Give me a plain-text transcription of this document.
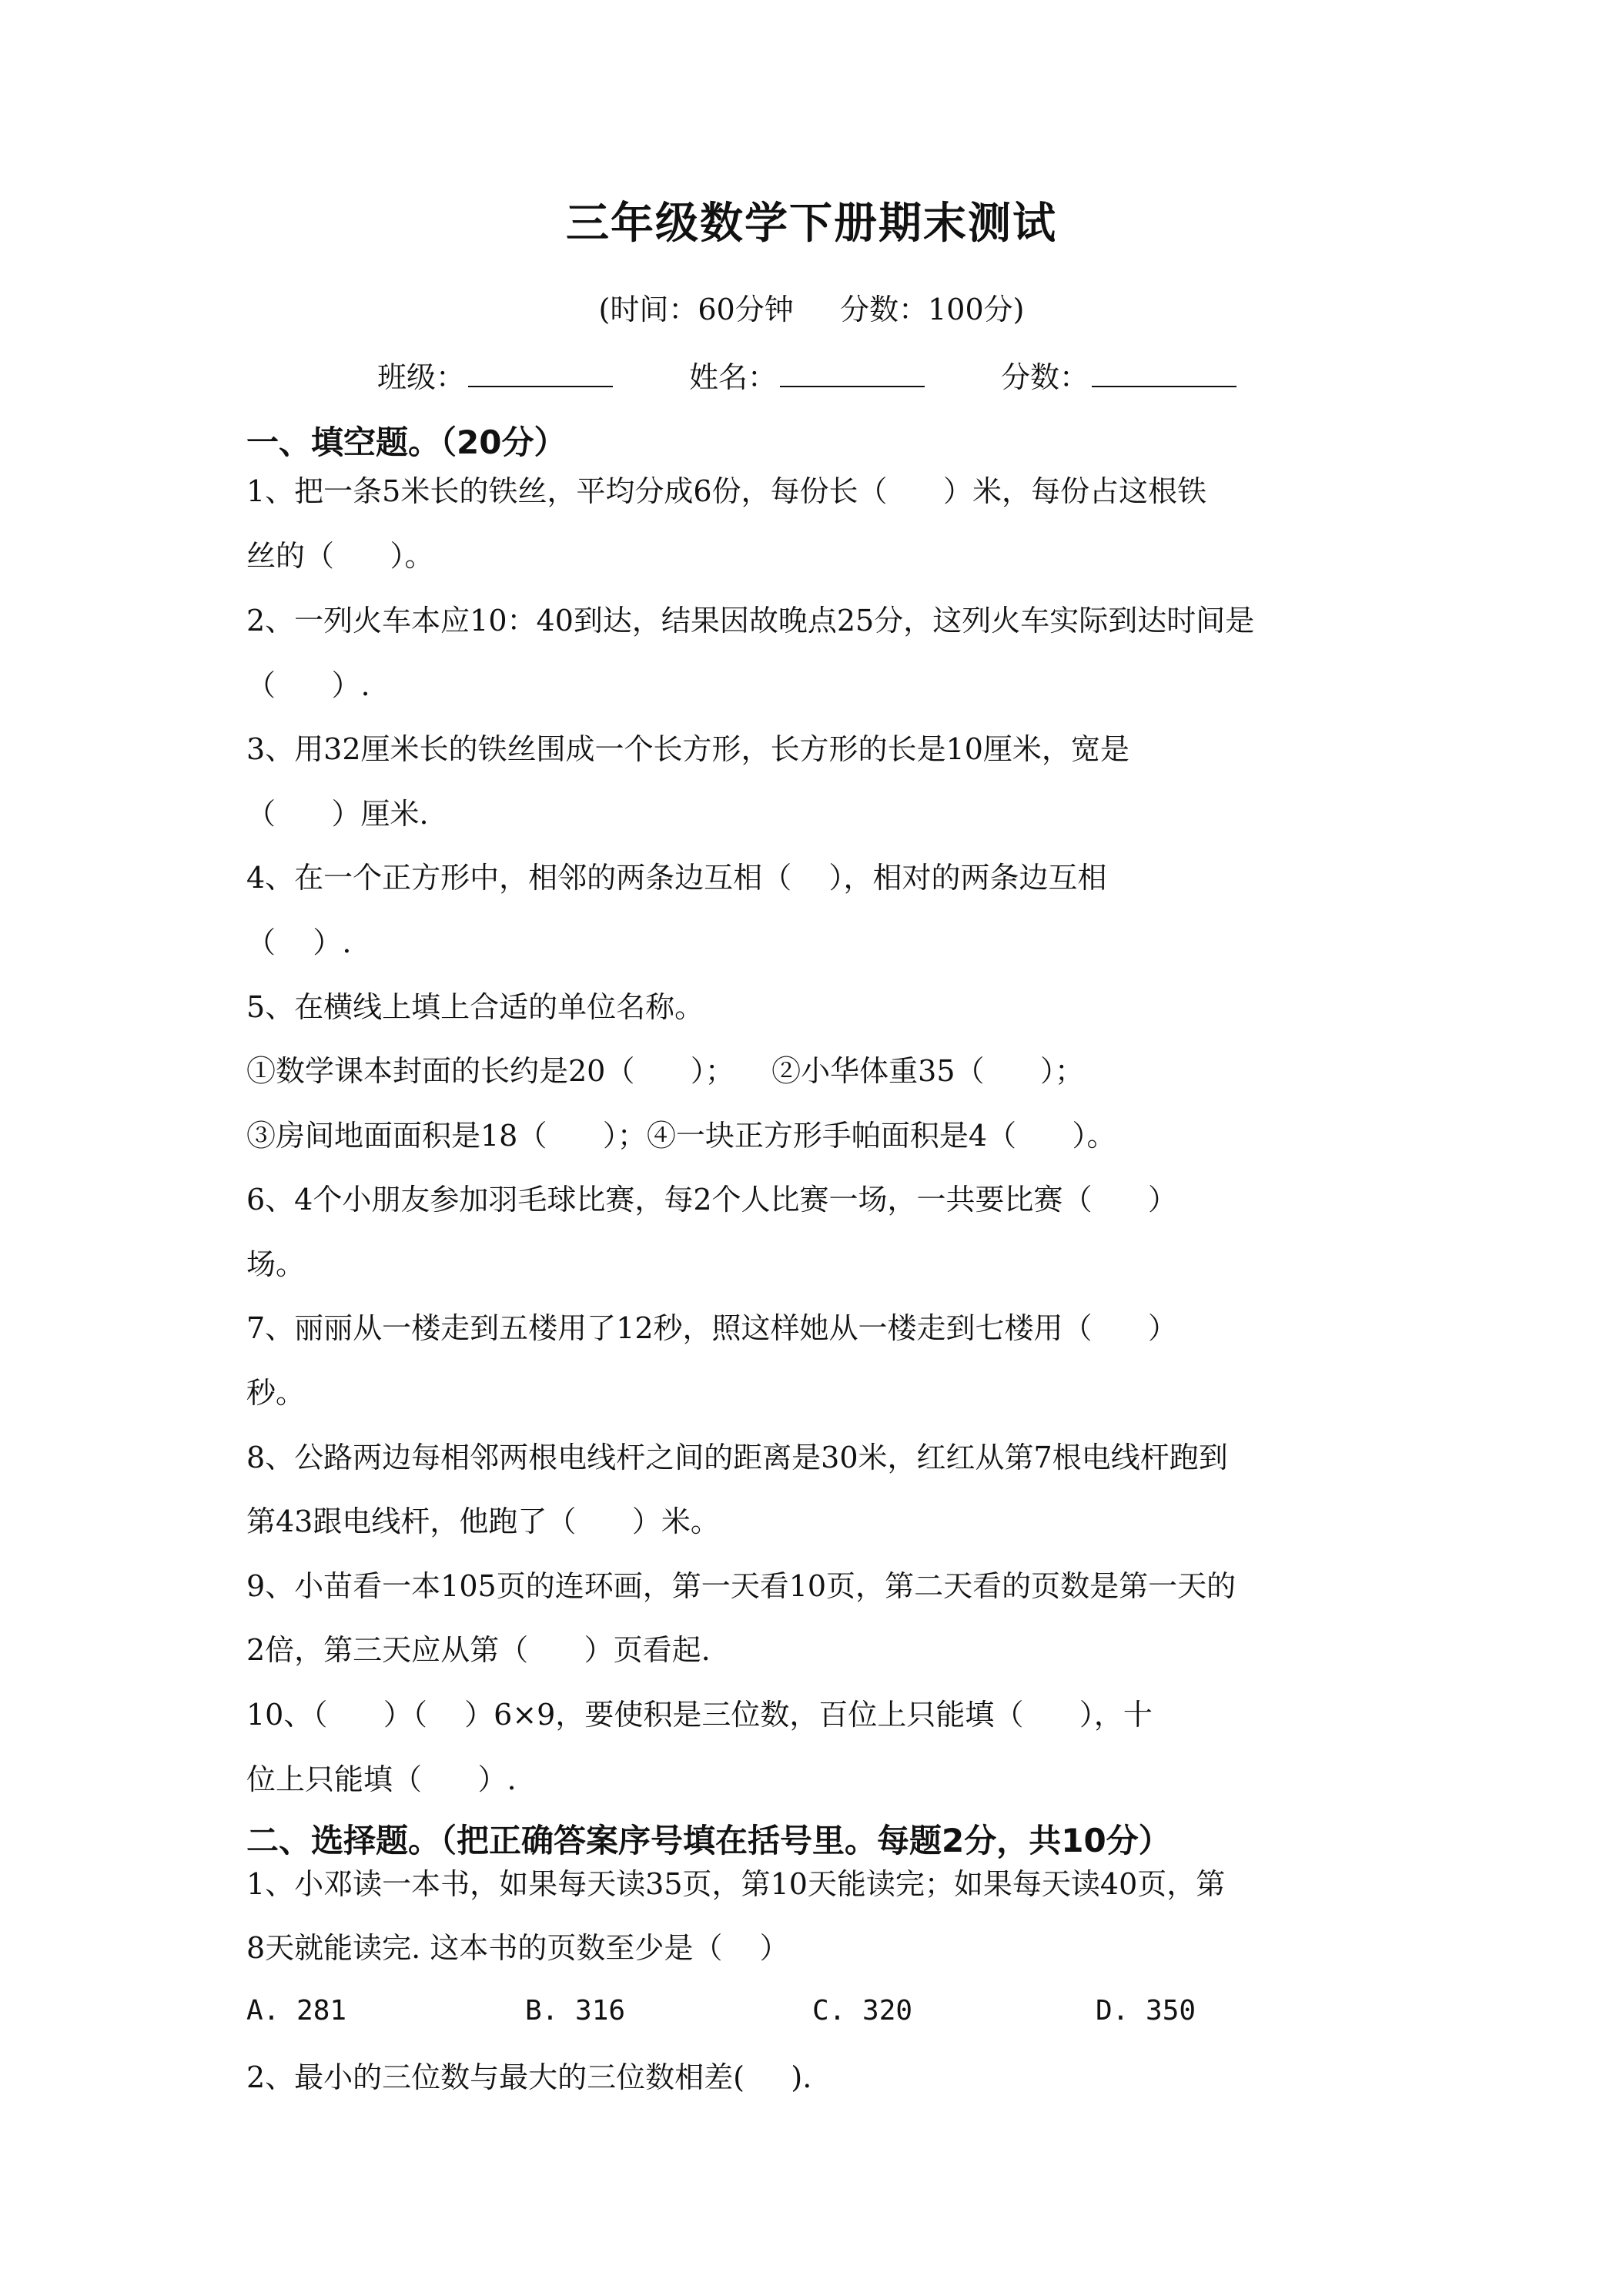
三年级数学下册期末测试
(时间：60分钟     分数：100分)
班级：	姓名：	分数：
一、填空题。（20分）
1、把一条5米长的铁丝，平均分成6份，每份长（      ）米，每份占这根铁
丝的（      ）。
2、一列火车本应10：40到达，结果因故晚点25分，这列火车实际到达时间是
（      ）.
3、用32厘米长的铁丝围成一个长方形，长方形的长是10厘米，宽是
（      ）厘米.
4、在一个正方形中，相邻的两条边互相（    ），相对的两条边互相
（    ）.
5、在横线上填上合适的单位名称。
①数学课本封面的长约是20（      ）；    ②小华体重35（      ）；
③房间地面面积是18（      ）；④一块正方形手帕面积是4（      ）。
6、4个小朋友参加羽毛球比赛，每2个人比赛一场，一共要比赛（      ）
场。
7、丽丽从一楼走到五楼用了12秒，照这样她从一楼走到七楼用（      ）
秒。
8、公路两边每相邻两根电线杆之间的距离是30米，红红从第7根电线杆跑到
第43跟电线杆，他跑了（      ）米。
9、小苗看一本105页的连环画，第一天看10页，第二天看的页数是第一天的
2倍，第三天应从第（      ）页看起.
10、（      ）（    ）6×9，要使积是三位数，百位上只能填（      ），十
位上只能填（      ）.
二、选择题。（把正确答案序号填在括号里。每题2分，共10分）
1、小邓读一本书，如果每天读35页，第10天能读完；如果每天读40页，第
8天就能读完. 这本书的页数至少是（    ）
A. 281	B. 316	C. 320	D. 350
2、最小的三位数与最大的三位数相差(     ).
